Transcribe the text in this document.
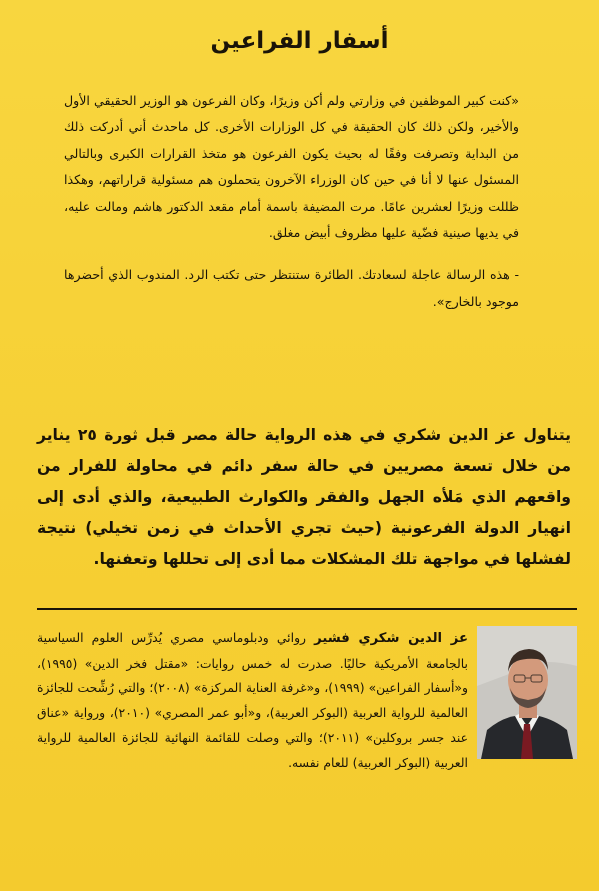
أسفار الفراعين

«كنت كبير الموظفين في وزارتي ولم أكن وزيرًا، وكان الفرعون هو الوزير الحقيقي الأول والأخير، ولكن ذلك كان الحقيقة في كل الوزارات الأخرى. كل ماحدث أني أدركت ذلك من البداية وتصرفت وفقًا له بحيث يكون الفرعون هو متخذ القرارات الكبرى وبالتالي المسئول عنها لا أنا في حين كان الوزراء الآخرون يتحملون هم مسئولية قراراتهم، وهكذا ظللت وزيرًا لعشرين عامًا. مرت المضيفة باسمة أمام مقعد الدكتور هاشم ومالت عليه، في يديها صينية فضّية عليها مظروف أبيض مغلق.

- هذه الرسالة عاجلة لسعادتك. الطائرة ستنتظر حتى تكتب الرد. المندوب الذي أحضرها موجود بالخارج».

يتناول عز الدين شكري في هذه الرواية حالة مصر قبل ثورة ٢٥ يناير من خلال تسعة مصريين في حالة سفر دائم في محاولة للفرار من واقعهم الذي مَلأه الجهل والفقر والكوارث الطبيعية، والذي أدى إلى انهيار الدولة الفرعونية (حيث تجري الأحداث في زمن تخيلي) نتيجة لفشلها في مواجهة تلك المشكلات مما أدى إلى تحللها وتعفنها.
عز الدين شكري فشير روائي ودبلوماسي مصري يُدرِّس العلوم السياسية بالجامعة الأمريكية حاليًا. صدرت له خمس روايات: «مقتل فخر الدين» (١٩٩٥)، و«أسفار الفراعين» (١٩٩٩)، و«غرفة العناية المركزة» (٢٠٠٨)؛ والتي رُشِّحت للجائزة العالمية للرواية العربية (البوكر العربية)، و«أبو عمر المصري» (٢٠١٠)، ورواية «عناق عند جسر بروكلين» (٢٠١١)؛ والتي وصلت للقائمة النهائية للجائزة العالمية للرواية العربية (البوكر العربية) للعام نفسه.
